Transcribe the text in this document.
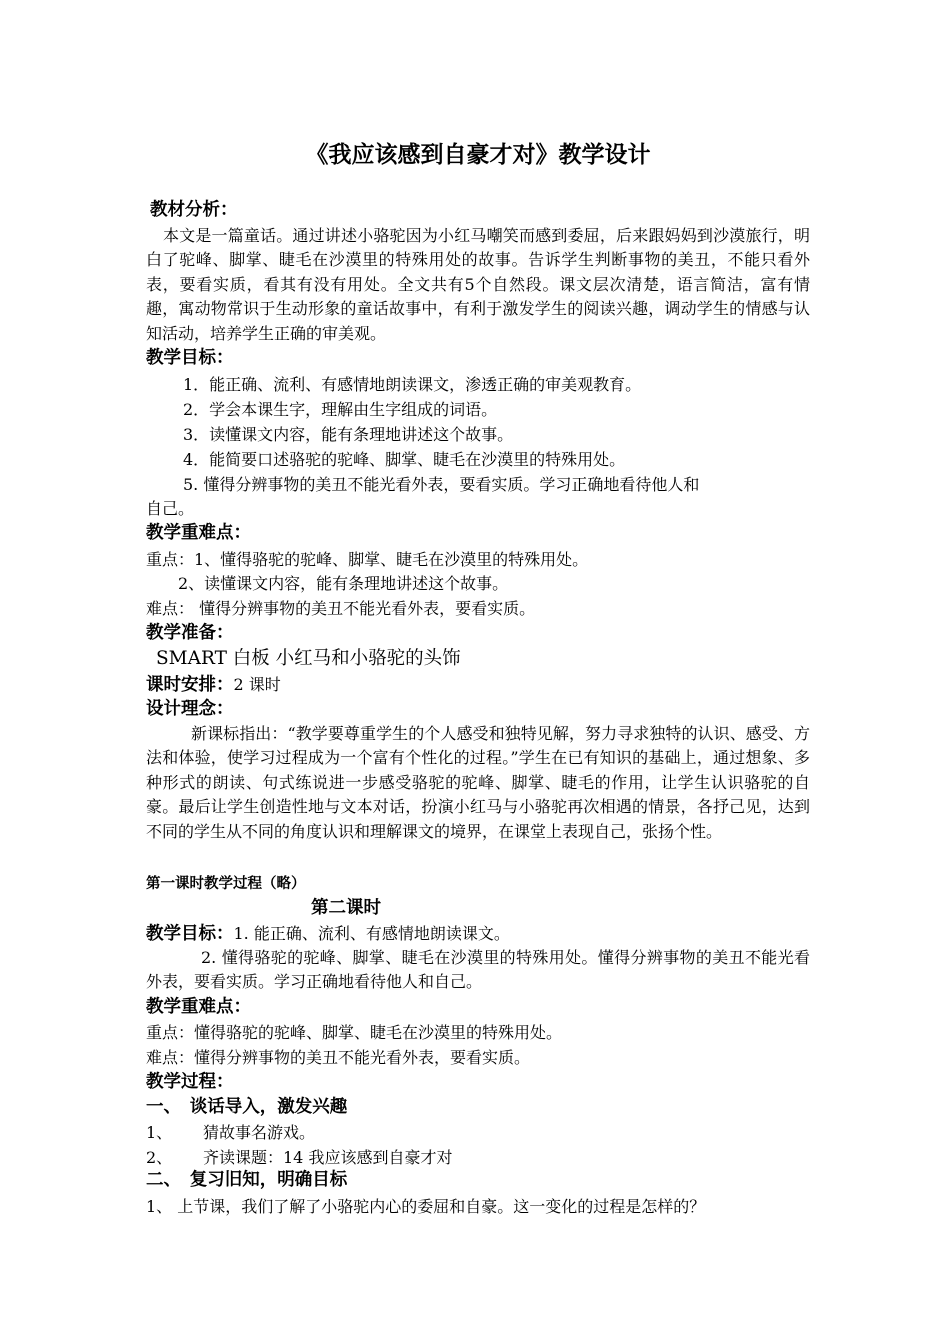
《我应该感到自豪才对》教学设计
教材分析：

本文是一篇童话。通过讲述小骆驼因为小红马嘲笑而感到委屈，后来跟妈妈到沙漠旅行，明白了驼峰、脚掌、睫毛在沙漠里的特殊用处的故事。告诉学生判断事物的美丑，不能只看外表，要看实质，看其有没有用处。全文共有5个自然段。课文层次清楚，语言简洁，富有情趣，寓动物常识于生动形象的童话故事中，有利于激发学生的阅读兴趣，调动学生的情感与认知活动，培养学生正确的审美观。

教学目标：
1．能正确、流利、有感情地朗读课文，渗透正确的审美观教育。
2．学会本课生字，理解由生字组成的词语。
3．读懂课文内容，能有条理地讲述这个故事。
4．能简要口述骆驼的驼峰、脚掌、睫毛在沙漠里的特殊用处。
5. 懂得分辨事物的美丑不能光看外表，要看实质。学习正确地看待他人和
自己。
教学重难点：
重点：1、懂得骆驼的驼峰、脚掌、睫毛在沙漠里的特殊用处。
2、读懂课文内容，能有条理地讲述这个故事。
难点： 懂得分辨事物的美丑不能光看外表，要看实质。
教学准备：
SMART 白板 小红马和小骆驼的头饰
课时安排：2 课时
设计理念：

新课标指出：“教学要尊重学生的个人感受和独特见解，努力寻求独特的认识、感受、方法和体验，使学习过程成为一个富有个性化的过程。”学生在已有知识的基础上，通过想象、多种形式的朗读、句式练说进一步感受骆驼的驼峰、脚掌、睫毛的作用，让学生认识骆驼的自豪。最后让学生创造性地与文本对话，扮演小红马与小骆驼再次相遇的情景，各抒己见，达到不同的学生从不同的角度认识和理解课文的境界，在课堂上表现自己，张扬个性。

第一课时教学过程（略）
第二课时
教学目标：1. 能正确、流利、有感情地朗读课文。

2. 懂得骆驼的驼峰、脚掌、睫毛在沙漠里的特殊用处。懂得分辨事物的美丑不能光看外表，要看实质。学习正确地看待他人和自己。

教学重难点：
重点：懂得骆驼的驼峰、脚掌、睫毛在沙漠里的特殊用处。
难点：懂得分辨事物的美丑不能光看外表，要看实质。
教学过程：
一、　谈话导入，激发兴趣
1、 猜故事名游戏。
2、 齐读课题：14 我应该感到自豪才对
二、　复习旧知，明确目标
1、 上节课，我们了解了小骆驼内心的委屈和自豪。这一变化的过程是怎样的？
